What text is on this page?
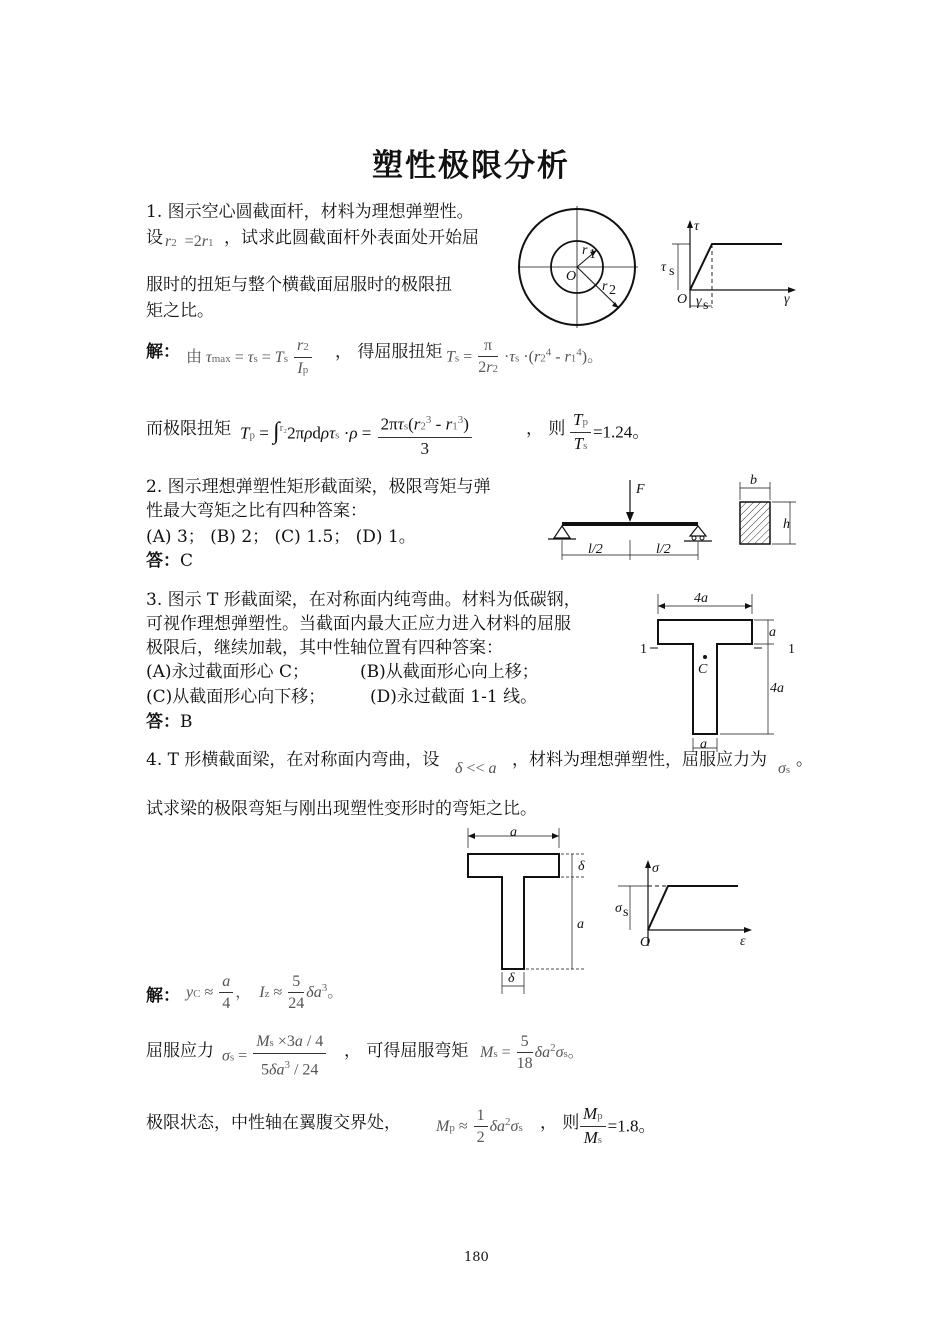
塑性极限分析
1. 图示空心圆截面杆，材料为理想弹塑性。
设 r2  =2r1 ，试求此圆截面杆外表面处开始屈
服时的扭矩与整个横截面屈服时的极限扭
矩之比。
O
r 1
r 2
τ
τ s
O γ s	γ
解： 由 τmax = τs = Ts $\frac{r2}{Ip}$ ， 得屈服扭矩 $Ts = \frac{\pi}{2r2} \cdot\tau s \cdot(r2^4 - r1^4)$。
而极限扭矩 $Tp = \int^{r_2}2\pi\rho d\rho\tau s \cdot\rho = \frac{2\pi\tau s(r2^3 - r1^3)}{3}$	， 则 $\frac{Tp}{Ts} =1.24$。
2. 图示理想弹塑性矩形截面梁，极限弯矩与弹
性最大弯矩之比有四种答案：
(A) 3； (B) 2； (C) 1.5； (D) 1。
答：C
F
l/2	l/2
b
h
3. 图示 T 形截面梁，在对称面内纯弯曲。材料为低碳钢，
可视作理想弹塑性。当截面内最大正应力进入材料的屈服
极限后，继续加载，其中性轴位置有四种答案：
(A)永过截面形心 C；	(B)从截面形心向上移；
(C)从截面形心向下移；	(D)永过截面 1-1 线。
答：B
4a
a
1	1
C
4a
a
4. T 形横截面梁，在对称面内弯曲，设 δ << a ，材料为理想弹塑性，屈服应力为 σs 。
试求梁的极限弯矩与刚出现塑性变形时的弯矩之比。
a
δ
a
δ
σ
σ s
O	ε
解： yC ≈ $\frac{a}{4}$ ，  $Iz \approx \frac{5}{24} \delta a^3$。
屈服应力 $\sigma s = \frac{Ms \times 3a / 4}{5\delta a^3 / 24}$ ， 可得屈服弯矩 $Ms = \frac{5}{18} \delta a^2\sigma s$。
极限状态，中性轴在翼腹交界处， $Mp \approx \frac{1}{2} \delta a^2\sigma s$ ， 则 $\frac{Mp}{Ms} =1.8$。
180
